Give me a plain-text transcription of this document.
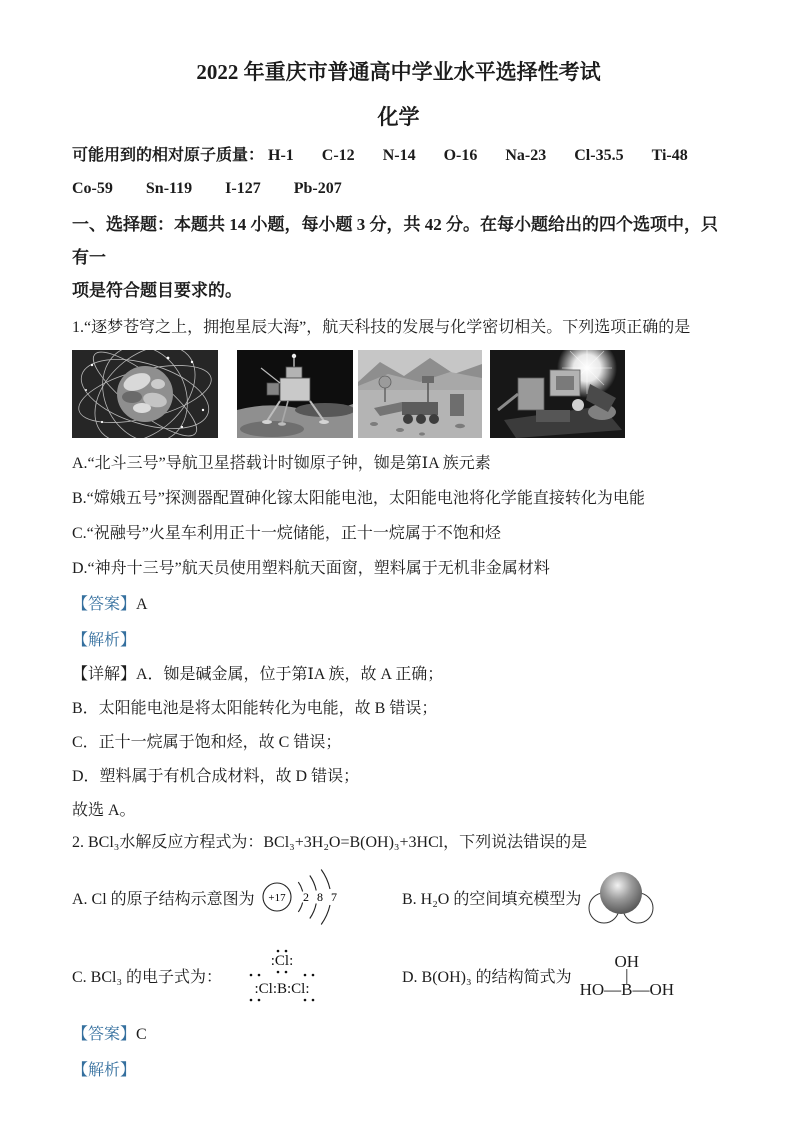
2022 年重庆市普通高中学业水平选择性考试

化学

可能用到的相对原子质量： H-1 C-12 N-14 O-16 Na-23 Cl-35.5 Ti-48

Co-59 Sn-119 I-127 Pb-207

一、选择题：本题共 14 小题，每小题 3 分，共 42 分。在每小题给出的四个选项中，只有一
项是符合题目要求的。

1.“逐梦苍穹之上，拥抱星辰大海”，航天科技的发展与化学密切相关。下列选项正确的是

A.“北斗三号”导航卫星搭载计时铷原子钟，铷是第ⅠA 族元素

B.“嫦娥五号”探测器配置砷化镓太阳能电池，太阳能电池将化学能直接转化为电能

C.“祝融号”火星车利用正十一烷储能，正十一烷属于不饱和烃

D.“神舟十三号”航天员使用塑料航天面窗，塑料属于无机非金属材料

【答案】A

【解析】

【详解】A．铷是碱金属，位于第ⅠA 族，故 A 正确；

B．太阳能电池是将太阳能转化为电能，故 B 错误；

C．正十一烷属于饱和烃，故 C 错误；

D．塑料属于有机合成材料，故 D 错误；

故选 A。

2. BCl₃水解反应方程式为：BCl₃+3H₂O=B(OH)₃+3HCl，下列说法错误的是

A. Cl 的原子结构示意图为 +17 2 8 7	B. H₂O 的空间填充模型为
C. BCl₃ 的电子式为：
:Cl:
:Cl:B:Cl:
D. B(OH)₃ 的结构简式为
OH
|
HO—B—OH

【答案】C

【解析】
